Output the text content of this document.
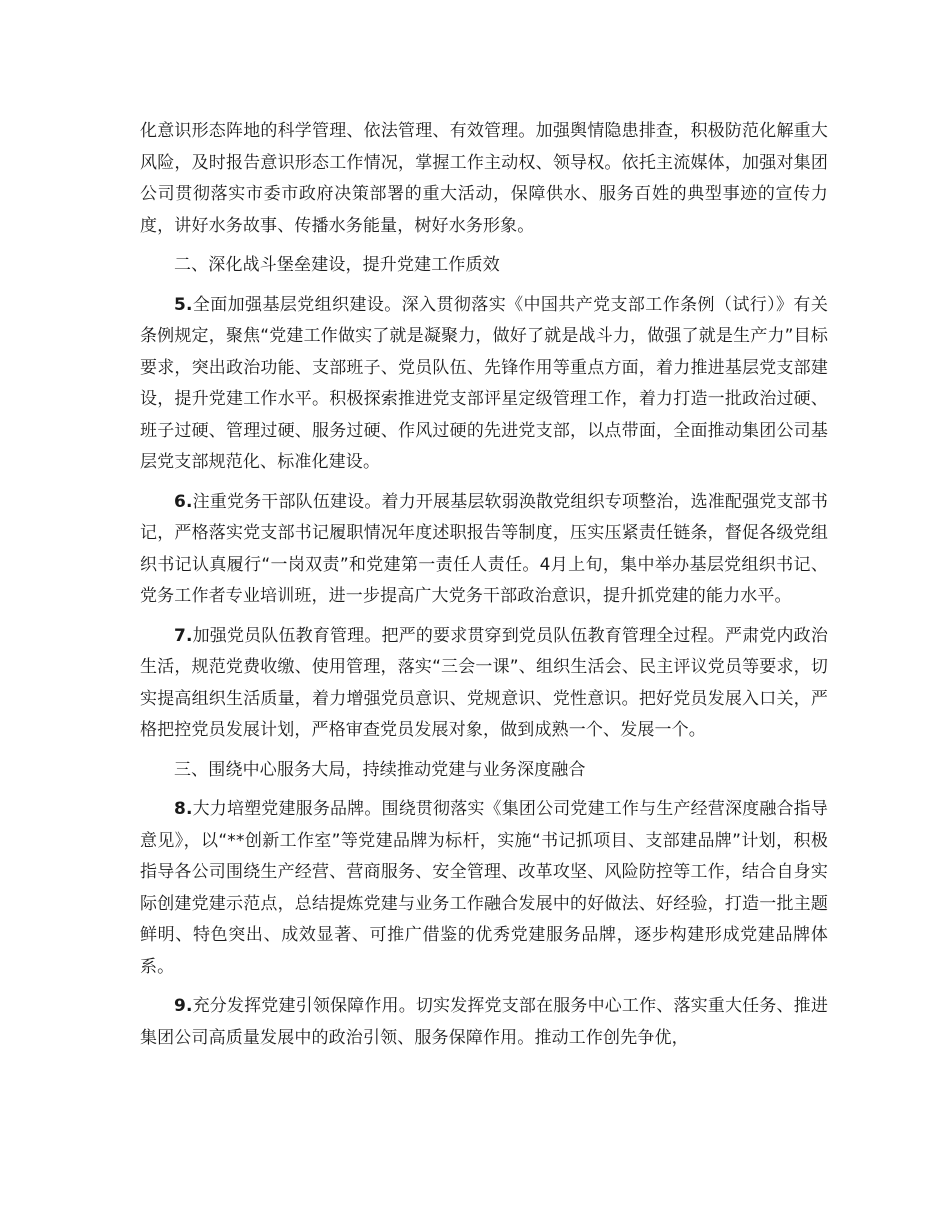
化意识形态阵地的科学管理、依法管理、有效管理。加强舆情隐患排查，积极防范化解重大风险，及时报告意识形态工作情况，掌握工作主动权、领导权。依托主流媒体，加强对集团公司贯彻落实市委市政府决策部署的重大活动，保障供水、服务百姓的典型事迹的宣传力度，讲好水务故事、传播水务能量，树好水务形象。

二、深化战斗堡垒建设，提升党建工作质效

5.全面加强基层党组织建设。深入贯彻落实《中国共产党支部工作条例（试行）》有关条例规定，聚焦“党建工作做实了就是凝聚力，做好了就是战斗力，做强了就是生产力”目标要求，突出政治功能、支部班子、党员队伍、先锋作用等重点方面，着力推进基层党支部建设，提升党建工作水平。积极探索推进党支部评星定级管理工作，着力打造一批政治过硬、班子过硬、管理过硬、服务过硬、作风过硬的先进党支部，以点带面，全面推动集团公司基层党支部规范化、标准化建设。

6.注重党务干部队伍建设。着力开展基层软弱涣散党组织专项整治，选准配强党支部书记，严格落实党支部书记履职情况年度述职报告等制度，压实压紧责任链条，督促各级党组织书记认真履行“一岗双责”和党建第一责任人责任。4月上旬，集中举办基层党组织书记、党务工作者专业培训班，进一步提高广大党务干部政治意识，提升抓党建的能力水平。

7.加强党员队伍教育管理。把严的要求贯穿到党员队伍教育管理全过程。严肃党内政治生活，规范党费收缴、使用管理，落实“三会一课”、组织生活会、民主评议党员等要求，切实提高组织生活质量，着力增强党员意识、党规意识、党性意识。把好党员发展入口关，严格把控党员发展计划，严格审查党员发展对象，做到成熟一个、发展一个。

三、围绕中心服务大局，持续推动党建与业务深度融合

8.大力培塑党建服务品牌。围绕贯彻落实《集团公司党建工作与生产经营深度融合指导意见》，以“**创新工作室”等党建品牌为标杆，实施“书记抓项目、支部建品牌”计划，积极指导各公司围绕生产经营、营商服务、安全管理、改革攻坚、风险防控等工作，结合自身实际创建党建示范点，总结提炼党建与业务工作融合发展中的好做法、好经验，打造一批主题鲜明、特色突出、成效显著、可推广借鉴的优秀党建服务品牌，逐步构建形成党建品牌体系。

9.充分发挥党建引领保障作用。切实发挥党支部在服务中心工作、落实重大任务、推进集团公司高质量发展中的政治引领、服务保障作用。推动工作创先争优，
